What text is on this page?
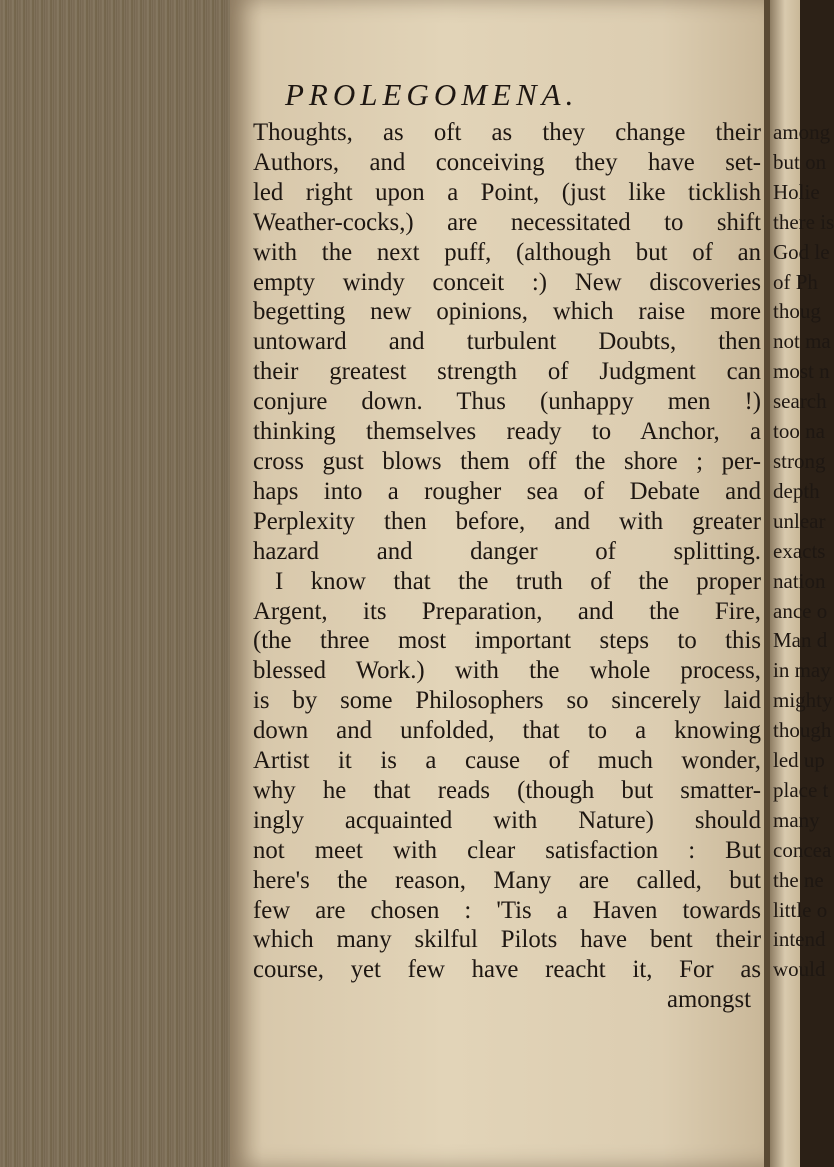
PROLEGOMENA.
Thoughts, as oft as they change their
Authors, and conceiving they have set-
led right upon a Point, (just like ticklish
Weather-cocks,) are necessitated to shift
with the next puff, (although but of an
empty windy conceit :) New discoveries
begetting new opinions, which raise more
untoward and turbulent Doubts, then
their greatest strength of Judgment can
conjure down. Thus (unhappy men !)
thinking themselves ready to Anchor, a
cross gust blows them off the shore ; per-
haps into a rougher sea of Debate and
Perplexity then before, and with greater
hazard and danger of splitting.
I know that the truth of the proper
Argent, its Preparation, and the Fire,
(the three most important steps to this
blessed Work.) with the whole process,
is by some Philosophers so sincerely laid
down and unfolded, that to a knowing
Artist it is a cause of much wonder,
why he that reads (though but smatter-
ingly acquainted with Nature) should
not meet with clear satisfaction : But
here's the reason, Many are called, but
few are chosen : 'Tis a Haven towards
which many skilful Pilots have bent their
course, yet few have reacht it, For as
amongst
among
but on
Holie
there is
God le
of Ph
thoug
not ma
most n
search
too na
strong
depth
unlear
exacts
nation
ance o
Man d
in may
mighty
though
led up
place t
many
concea
the ne
little o
intend
would
